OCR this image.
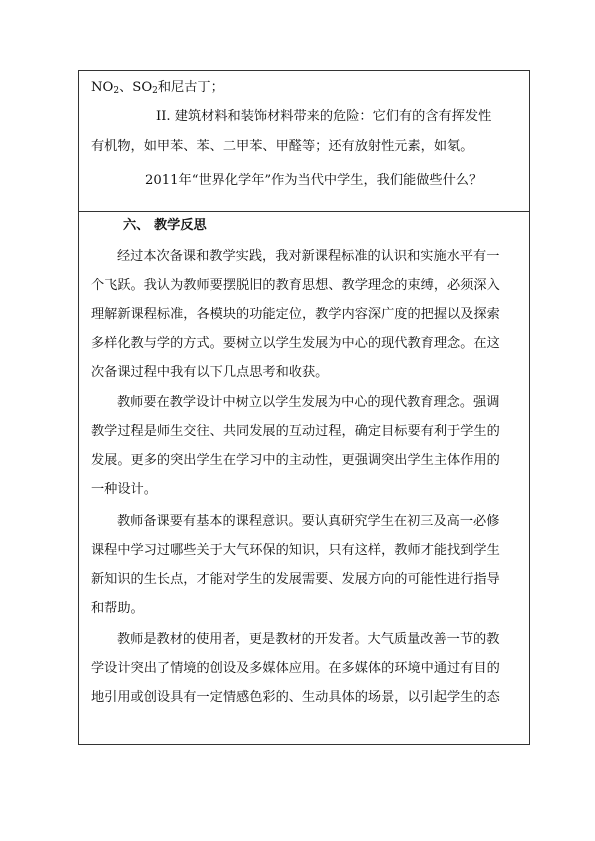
$NO_2$、$SO_2$和尼古丁；
II. 建筑材料和装饰材料带来的危险：它们有的含有挥发性
有机物，如甲苯、苯、二甲苯、甲醛等；还有放射性元素，如氡。
2011年“世界化学年”作为当代中学生，我们能做些什么？
六、 教学反思
经过本次备课和教学实践，我对新课程标准的认识和实施水平有一
个飞跃。我认为教师要摆脱旧的教育思想、教学理念的束缚，必须深入
理解新课程标准，各模块的功能定位，教学内容深广度的把握以及探索
多样化教与学的方式。要树立以学生发展为中心的现代教育理念。在这
次备课过程中我有以下几点思考和收获。
教师要在教学设计中树立以学生发展为中心的现代教育理念。强调
教学过程是师生交往、共同发展的互动过程，确定目标要有利于学生的
发展。更多的突出学生在学习中的主动性，更强调突出学生主体作用的
一种设计。
教师备课要有基本的课程意识。要认真研究学生在初三及高一必修
课程中学习过哪些关于大气环保的知识，只有这样，教师才能找到学生
新知识的生长点，才能对学生的发展需要、发展方向的可能性进行指导
和帮助。
教师是教材的使用者，更是教材的开发者。大气质量改善一节的教
学设计突出了情境的创设及多媒体应用。在多媒体的环境中通过有目的
地引用或创设具有一定情感色彩的、生动具体的场景，以引起学生的态
